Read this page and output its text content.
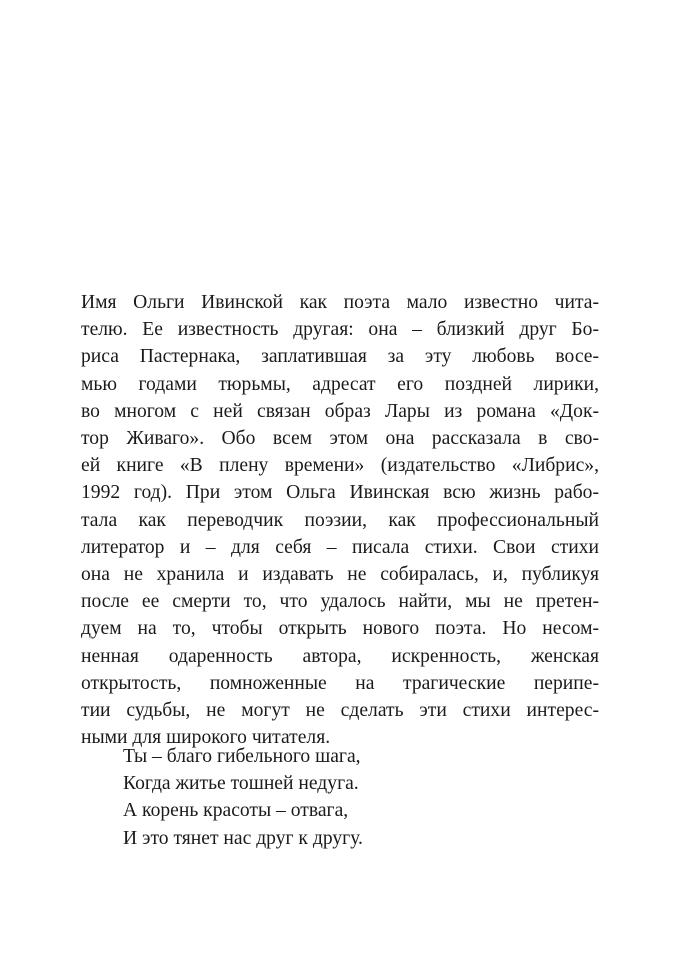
Имя Ольги Ивинской как поэта мало известно чита-
телю. Ее известность другая: она – близкий друг Бо-
риса Пастернака, заплатившая за эту любовь восе-
мью годами тюрьмы, адресат его поздней лирики,
во многом с ней связан образ Лары из романа «Док-
тор Живаго». Обо всем этом она рассказала в сво-
ей книге «В плену времени» (издательство «Либрис»,
1992 год). При этом Ольга Ивинская всю жизнь рабо-
тала как переводчик поэзии, как профессиональный
литератор и – для себя – писала стихи. Свои стихи
она не хранила и издавать не собиралась, и, публикуя
после ее смерти то, что удалось найти, мы не претен-
дуем на то, чтобы открыть нового поэта. Но несом-
ненная одаренность автора, искренность, женская
открытость, помноженные на трагические перипе-
тии судьбы, не могут не сделать эти стихи интерес-
ными для широкого читателя.
Ты – благо гибельного шага,
Когда житье тошней недуга.
А корень красоты – отвага,
И это тянет нас друг к другу.
